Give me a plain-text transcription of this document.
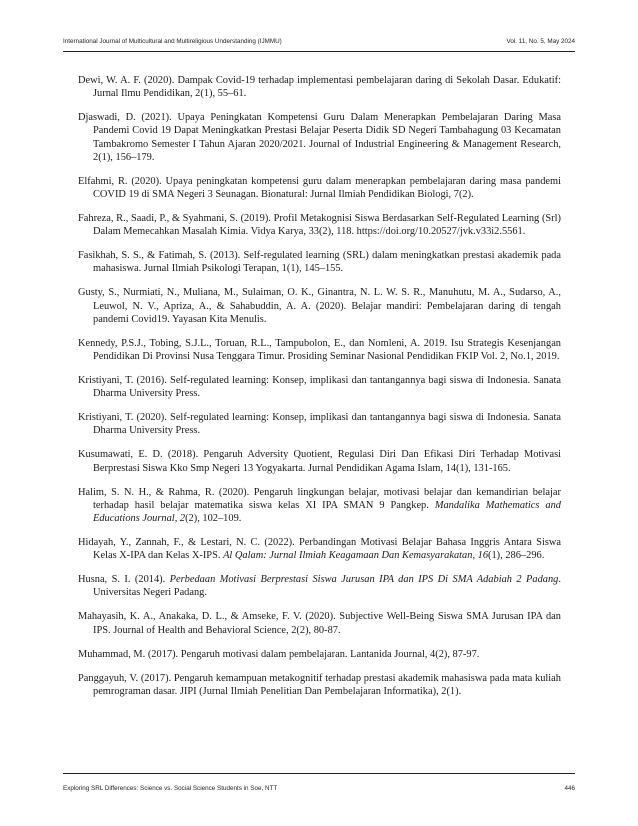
International Journal of Multicultural and Multireligious Understanding (IJMMU)	Vol. 11, No. 5, May 2024

Dewi, W. A. F. (2020). Dampak Covid-19 terhadap implementasi pembelajaran daring di Sekolah Dasar. Edukatif: Jurnal Ilmu Pendidikan, 2(1), 55–61.

Djaswadi, D. (2021). Upaya Peningkatan Kompetensi Guru Dalam Menerapkan Pembelajaran Daring Masa Pandemi Covid 19 Dapat Meningkatkan Prestasi Belajar Peserta Didik SD Negeri Tambahagung 03 Kecamatan Tambakromo Semester I Tahun Ajaran 2020/2021. Journal of Industrial Engineering & Management Research, 2(1), 156–179.

Elfahmi, R. (2020). Upaya peningkatan kompetensi guru dalam menerapkan pembelajaran daring masa pandemi COVID 19 di SMA Negeri 3 Seunagan. Bionatural: Jurnal Ilmiah Pendidikan Biologi, 7(2).

Fahreza, R., Saadi, P., & Syahmani, S. (2019). Profil Metakognisi Siswa Berdasarkan Self-Regulated Learning (Srl) Dalam Memecahkan Masalah Kimia. Vidya Karya, 33(2), 118. https://doi.org/10.20527/jvk.v33i2.5561.

Fasikhah, S. S., & Fatimah, S. (2013). Self-regulated learning (SRL) dalam meningkatkan prestasi akademik pada mahasiswa. Jurnal Ilmiah Psikologi Terapan, 1(1), 145–155.

Gusty, S., Nurmiati, N., Muliana, M., Sulaiman, O. K., Ginantra, N. L. W. S. R., Manuhutu, M. A., Sudarso, A., Leuwol, N. V., Apriza, A., & Sahabuddin, A. A. (2020). Belajar mandiri: Pembelajaran daring di tengah pandemi Covid19. Yayasan Kita Menulis.

Kennedy, P.S.J., Tobing, S.J.L., Toruan, R.L., Tampubolon, E., dan Nomleni, A. 2019. Isu Strategis Kesenjangan Pendidikan Di Provinsi Nusa Tenggara Timur. Prosiding Seminar Nasional Pendidikan FKIP Vol. 2, No.1, 2019.

Kristiyani, T. (2016). Self-regulated learning: Konsep, implikasi dan tantangannya bagi siswa di Indonesia. Sanata Dharma University Press.

Kristiyani, T. (2020). Self-regulated learning: Konsep, implikasi dan tantangannya bagi siswa di Indonesia. Sanata Dharma University Press.

Kusumawati, E. D. (2018). Pengaruh Adversity Quotient, Regulasi Diri Dan Efikasi Diri Terhadap Motivasi Berprestasi Siswa Kko Smp Negeri 13 Yogyakarta. Jurnal Pendidikan Agama Islam, 14(1), 131-165.

Halim, S. N. H., & Rahma, R. (2020). Pengaruh lingkungan belajar, motivasi belajar dan kemandirian belajar terhadap hasil belajar matematika siswa kelas XI IPA SMAN 9 Pangkep. Mandalika Mathematics and Educations Journal, 2(2), 102–109.

Hidayah, Y., Zannah, F., & Lestari, N. C. (2022). Perbandingan Motivasi Belajar Bahasa Inggris Antara Siswa Kelas X-IPA dan Kelas X-IPS. Al Qalam: Jurnal Ilmiah Keagamaan Dan Kemasyarakatan, 16(1), 286–296.

Husna, S. I. (2014). Perbedaan Motivasi Berprestasi Siswa Jurusan IPA dan IPS Di SMA Adabiah 2 Padang. Universitas Negeri Padang.

Mahayasih, K. A., Anakaka, D. L., & Amseke, F. V. (2020). Subjective Well-Being Siswa SMA Jurusan IPA dan IPS. Journal of Health and Behavioral Science, 2(2), 80-87.

Muhammad, M. (2017). Pengaruh motivasi dalam pembelajaran. Lantanida Journal, 4(2), 87-97.

Panggayuh, V. (2017). Pengaruh kemampuan metakognitif terhadap prestasi akademik mahasiswa pada mata kuliah pemrograman dasar. JIPI (Jurnal Ilmiah Penelitian Dan Pembelajaran Informatika), 2(1).

Exploring SRL Differences: Science vs. Social Science Students in Soe, NTT	446
